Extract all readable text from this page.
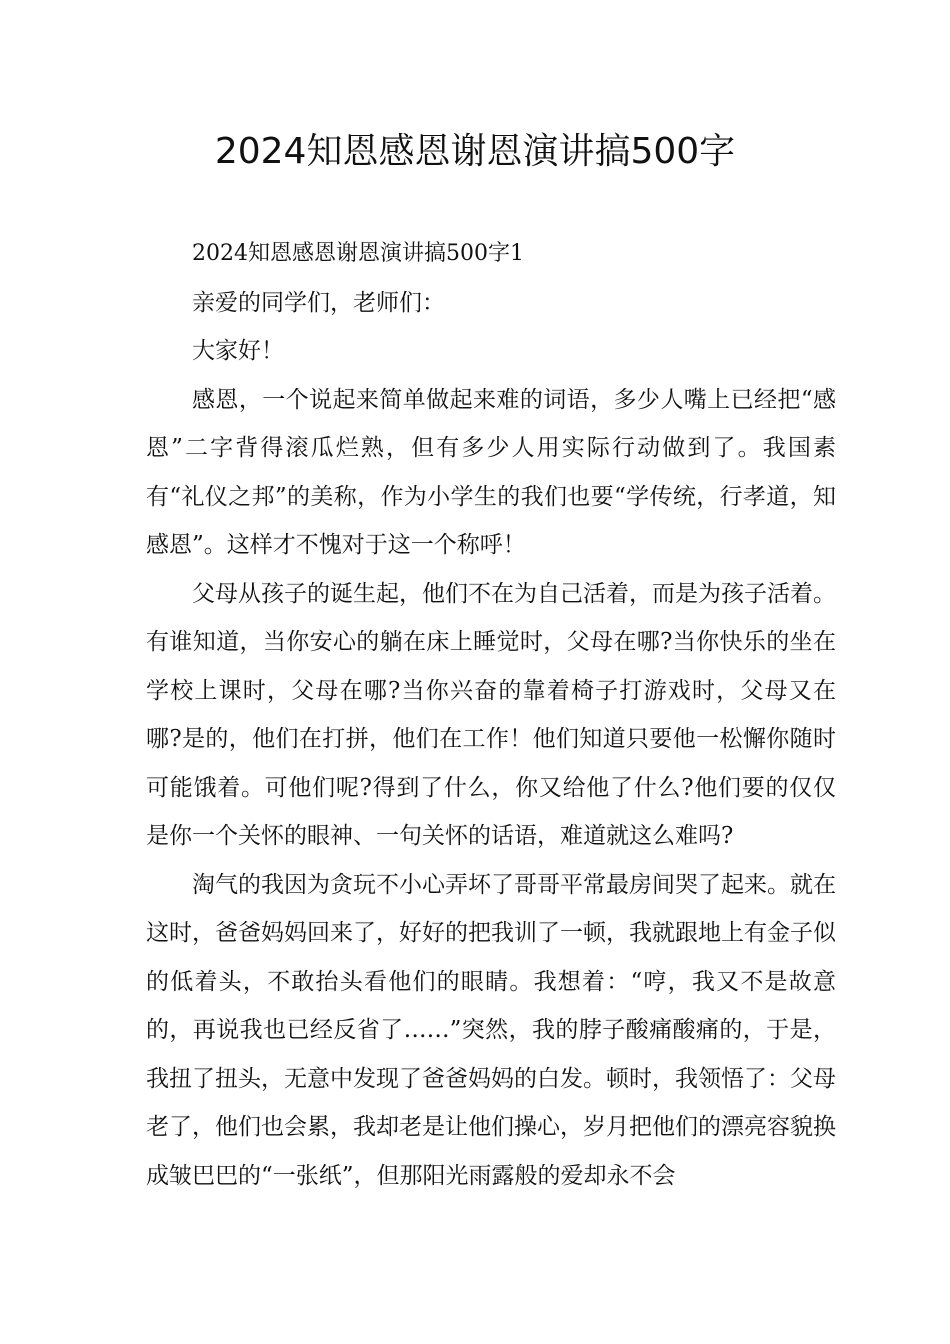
2024知恩感恩谢恩演讲搞500字

2024知恩感恩谢恩演讲搞500字1

亲爱的同学们，老师们：

大家好！

感恩，一个说起来简单做起来难的词语，多少人嘴上已经把“感恩”二字背得滚瓜烂熟，但有多少人用实际行动做到了。我国素有“礼仪之邦”的美称，作为小学生的我们也要“学传统，行孝道，知感恩”。这样才不愧对于这一个称呼！

父母从孩子的诞生起，他们不在为自己活着，而是为孩子活着。有谁知道，当你安心的躺在床上睡觉时，父母在哪?当你快乐的坐在学校上课时，父母在哪?当你兴奋的靠着椅子打游戏时，父母又在哪?是的，他们在打拼，他们在工作！他们知道只要他一松懈你随时可能饿着。可他们呢?得到了什么，你又给他了什么?他们要的仅仅是你一个关怀的眼神、一句关怀的话语，难道就这么难吗?

淘气的我因为贪玩不小心弄坏了哥哥平常最房间哭了起来。就在这时，爸爸妈妈回来了，好好的把我训了一顿，我就跟地上有金子似的低着头，不敢抬头看他们的眼睛。我想着：“哼，我又不是故意的，再说我也已经反省了……”突然，我的脖子酸痛酸痛的，于是，我扭了扭头，无意中发现了爸爸妈妈的白发。顿时，我领悟了：父母老了，他们也会累，我却老是让他们操心，岁月把他们的漂亮容貌换成皱巴巴的“一张纸”，但那阳光雨露般的爱却永不会
